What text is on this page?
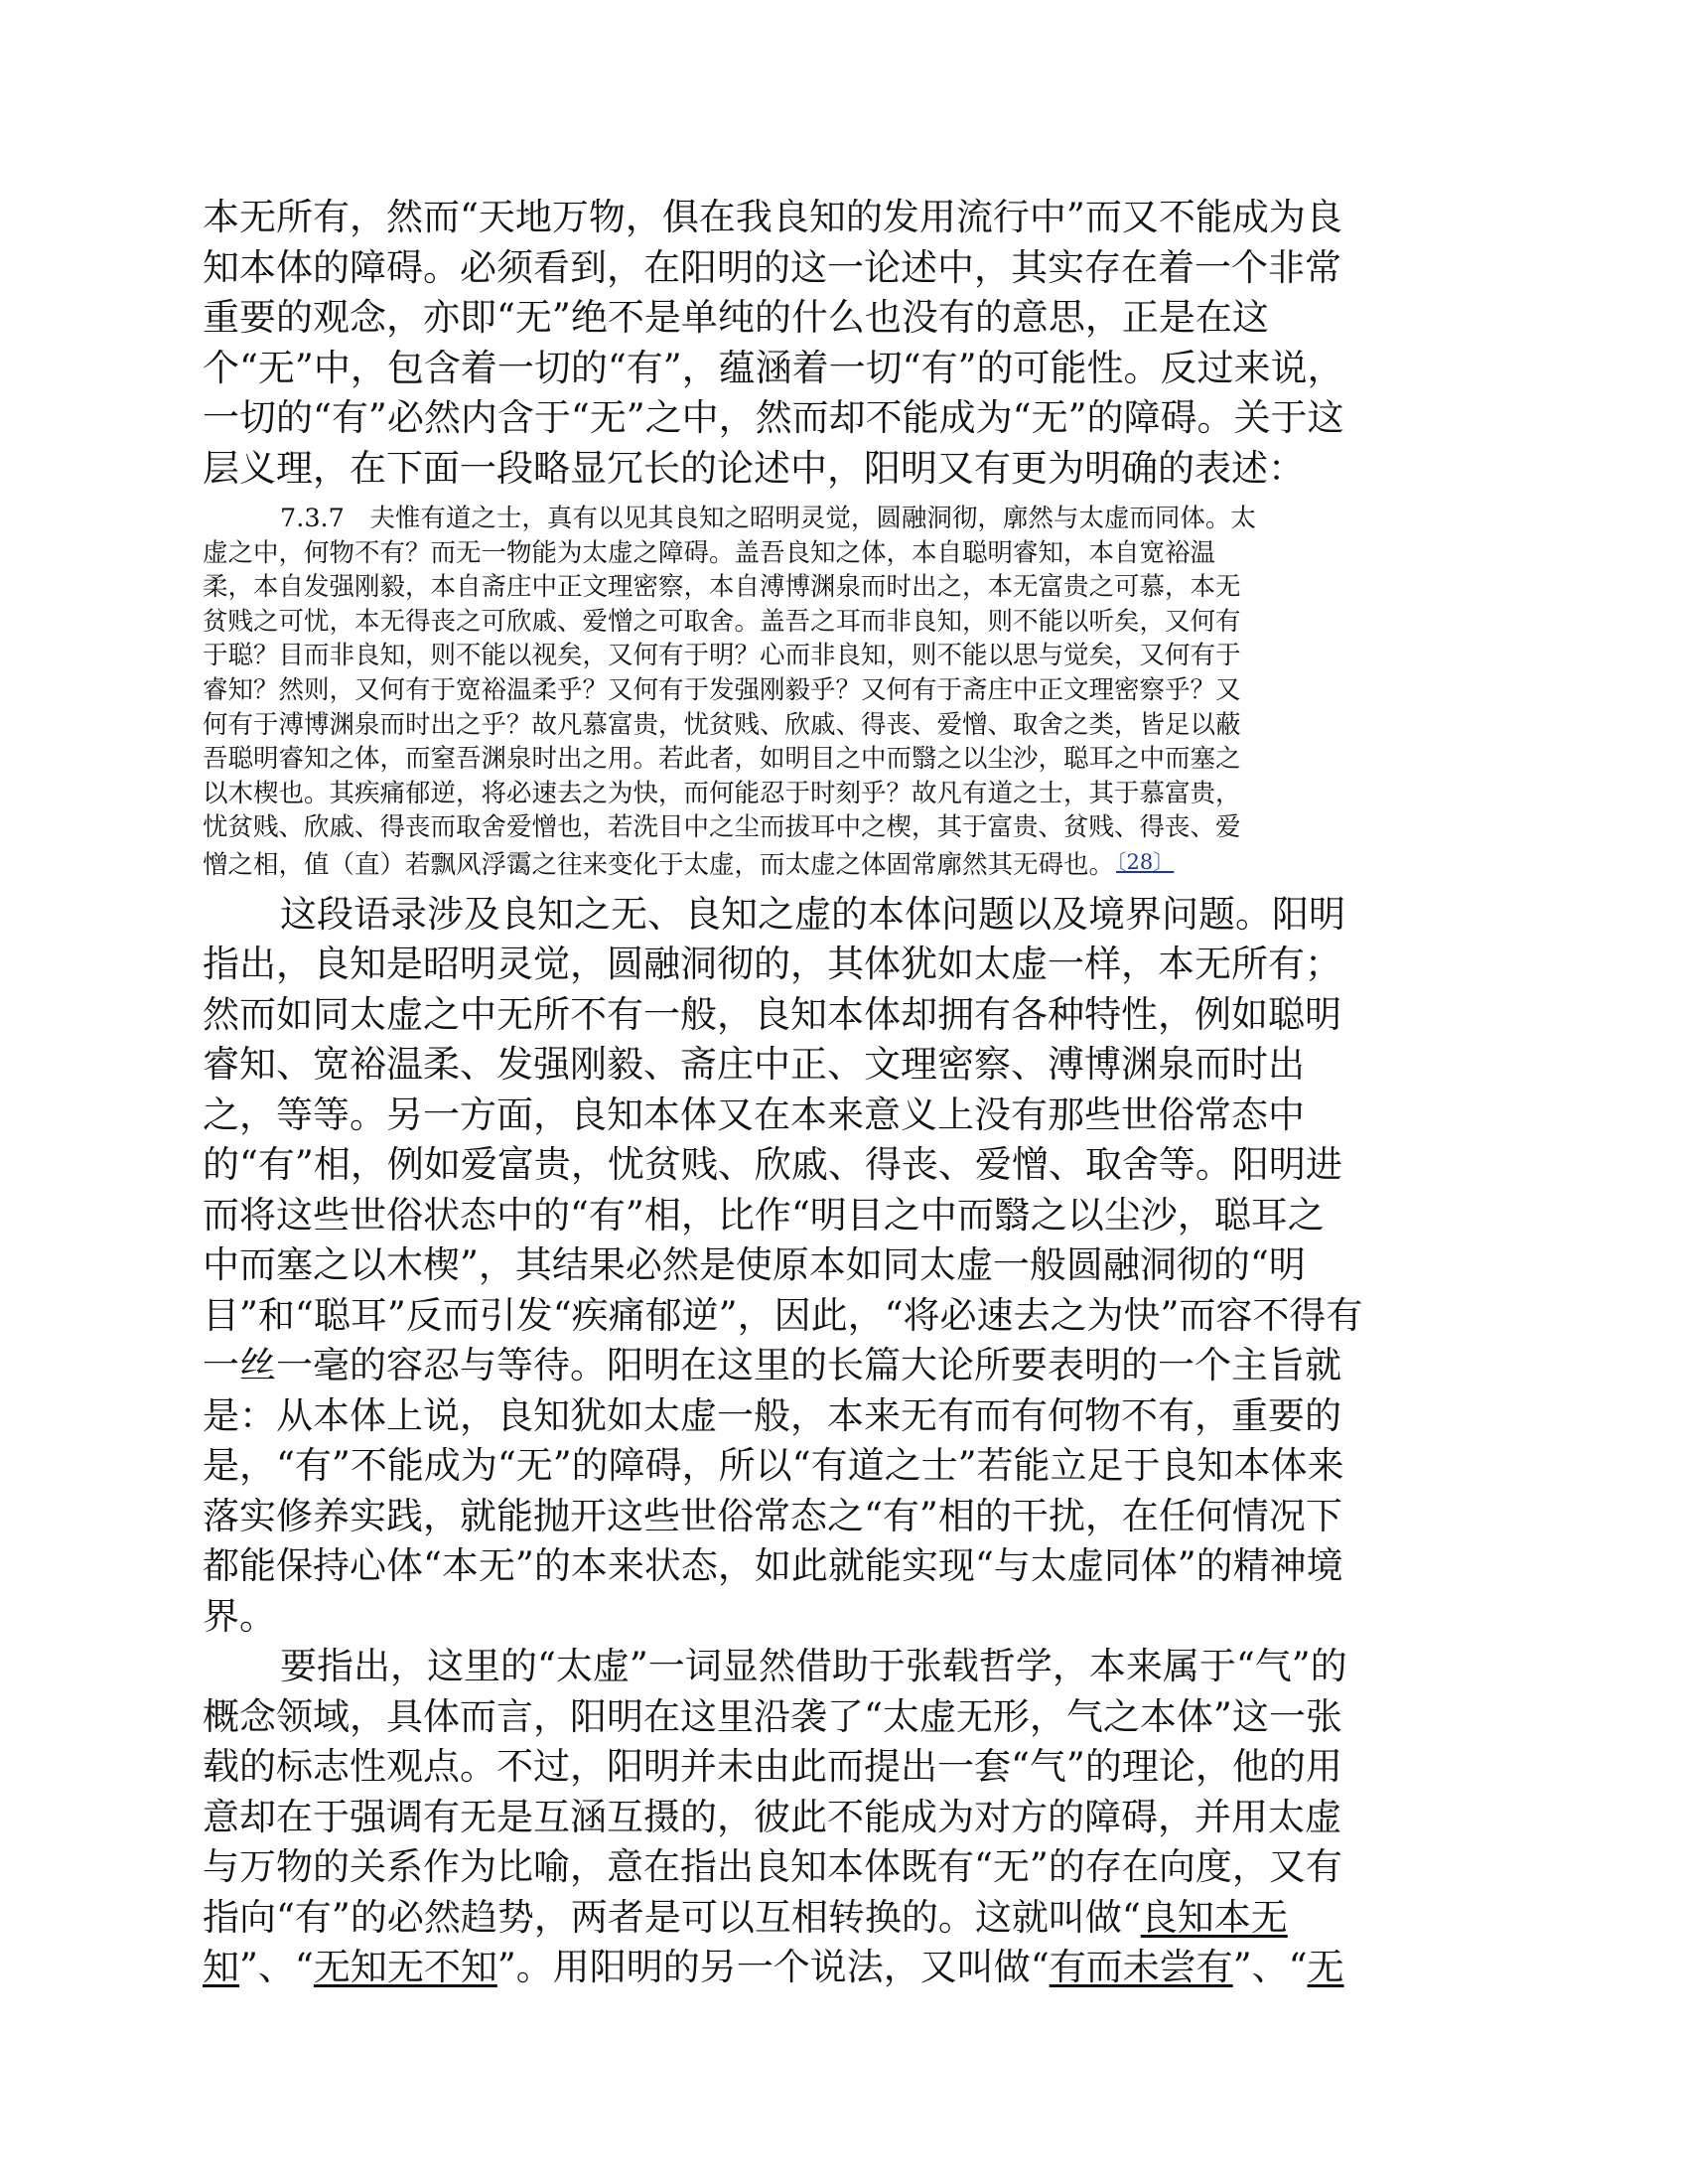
本无所有，然而“天地万物，俱在我良知的发用流行中”而又不能成为良
知本体的障碍。必须看到，在阳明的这一论述中，其实存在着一个非常
重要的观念，亦即“无”绝不是单纯的什么也没有的意思，正是在这
个“无”中，包含着一切的“有”，蕴涵着一切“有”的可能性。反过来说，
一切的“有”必然内含于“无”之中，然而却不能成为“无”的障碍。关于这
层义理，在下面一段略显冗长的论述中，阳明又有更为明确的表述：
7.3.7　夫惟有道之士，真有以见其良知之昭明灵觉，圆融洞彻，廓然与太虚而同体。太
虚之中，何物不有？而无一物能为太虚之障碍。盖吾良知之体，本自聪明睿知，本自宽裕温
柔，本自发强刚毅，本自斋庄中正文理密察，本自溥博渊泉而时出之，本无富贵之可慕，本无
贫贱之可忧，本无得丧之可欣戚、爱憎之可取舍。盖吾之耳而非良知，则不能以听矣，又何有
于聪？目而非良知，则不能以视矣，又何有于明？心而非良知，则不能以思与觉矣，又何有于
睿知？然则，又何有于宽裕温柔乎？又何有于发强刚毅乎？又何有于斋庄中正文理密察乎？又
何有于溥博渊泉而时出之乎？故凡慕富贵，忧贫贱、欣戚、得丧、爱憎、取舍之类，皆足以蔽
吾聪明睿知之体，而窒吾渊泉时出之用。若此者，如明目之中而翳之以尘沙，聪耳之中而塞之
以木楔也。其疾痛郁逆，将必速去之为快，而何能忍于时刻乎？故凡有道之士，其于慕富贵，
忧贫贱、欣戚、得丧而取舍爱憎也，若洗目中之尘而拔耳中之楔，其于富贵、贫贱、得丧、爱
憎之相，值（直）若飘风浮霭之往来变化于太虚，而太虚之体固常廓然其无碍也。〔28〕
这段语录涉及良知之无、良知之虚的本体问题以及境界问题。阳明
指出，良知是昭明灵觉，圆融洞彻的，其体犹如太虚一样，本无所有；
然而如同太虚之中无所不有一般，良知本体却拥有各种特性，例如聪明
睿知、宽裕温柔、发强刚毅、斋庄中正、文理密察、溥博渊泉而时出
之，等等。另一方面，良知本体又在本来意义上没有那些世俗常态中
的“有”相，例如爱富贵，忧贫贱、欣戚、得丧、爱憎、取舍等。阳明进
而将这些世俗状态中的“有”相，比作“明目之中而翳之以尘沙，聪耳之
中而塞之以木楔”，其结果必然是使原本如同太虚一般圆融洞彻的“明
目”和“聪耳”反而引发“疾痛郁逆”，因此，“将必速去之为快”而容不得有
一丝一毫的容忍与等待。阳明在这里的长篇大论所要表明的一个主旨就
是：从本体上说，良知犹如太虚一般，本来无有而有何物不有，重要的
是，“有”不能成为“无”的障碍，所以“有道之士”若能立足于良知本体来
落实修养实践，就能抛开这些世俗常态之“有”相的干扰，在任何情况下
都能保持心体“本无”的本来状态，如此就能实现“与太虚同体”的精神境
界。
要指出，这里的“太虚”一词显然借助于张载哲学，本来属于“气”的
概念领域，具体而言，阳明在这里沿袭了“太虚无形，气之本体”这一张
载的标志性观点。不过，阳明并未由此而提出一套“气”的理论，他的用
意却在于强调有无是互涵互摄的，彼此不能成为对方的障碍，并用太虚
与万物的关系作为比喻，意在指出良知本体既有“无”的存在向度，又有
指向“有”的必然趋势，两者是可以互相转换的。这就叫做“良知本无
知”、“无知无不知”。用阳明的另一个说法，又叫做“有而未尝有”、“无
